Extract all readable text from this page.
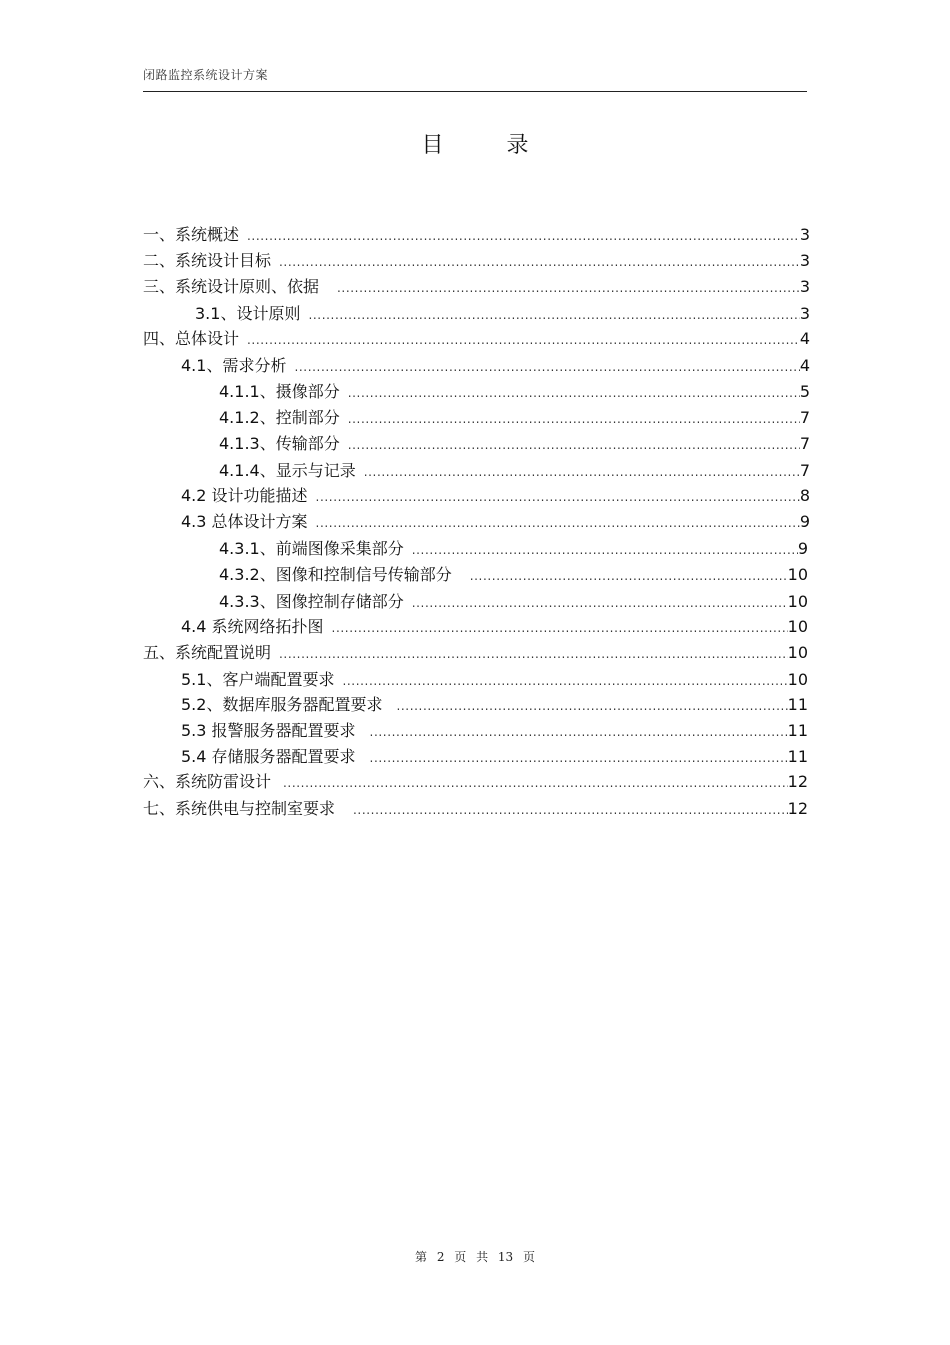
闭路监控系统设计方案
目 录
一、系统概述 .....	3
二、系统设计目标 .....	3
三、系统设计原则、依据 .....	3
3.1、设计原则 .....	3
四、总体设计 .....	4
4.1、需求分析 .....	4
4.1.1、摄像部分 .....	5
4.1.2、控制部分 .....	7
4.1.3、传输部分 .....	7
4.1.4、显示与记录 .....	7
4.2 设计功能描述 .....	8
4.3 总体设计方案 .....	9
4.3.1、前端图像采集部分 .....	9
4.3.2、图像和控制信号传输部分 .....	10
4.3.3、图像控制存储部分 .....	10
4.4 系统网络拓扑图 .....	10
五、系统配置说明 .....	10
5.1、客户端配置要求 .....	10
5.2、数据库服务器配置要求 .....	11
5.3 报警服务器配置要求 .....	11
5.4 存储服务器配置要求 .....	11
六、系统防雷设计 .....	12
七、系统供电与控制室要求 .....	12
第 2 页 共 13 页
